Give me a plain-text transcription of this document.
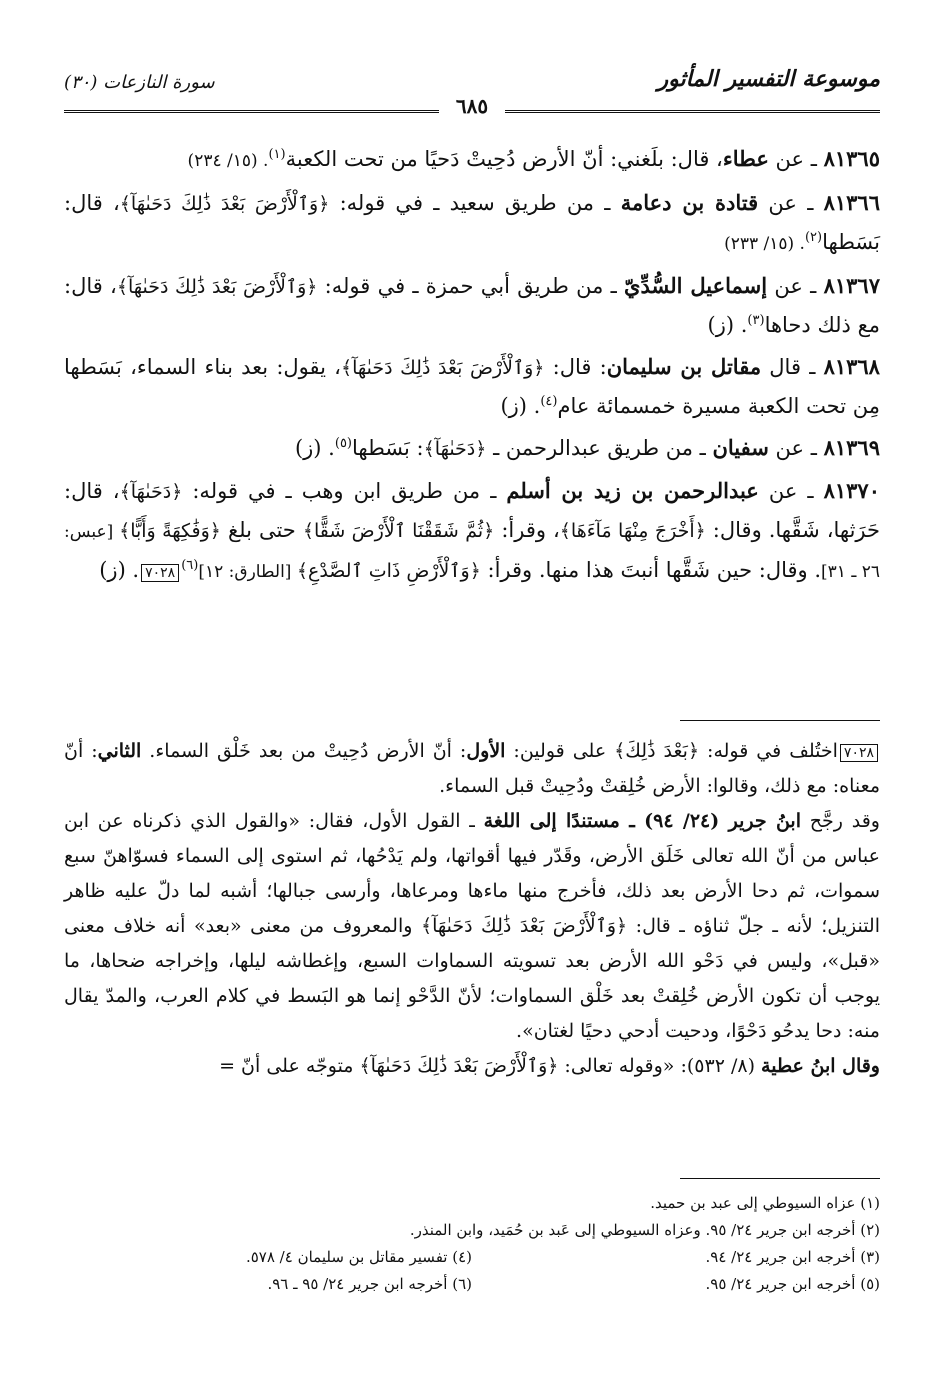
موسوعة التفسير المأثور
سورة النازعات (٣٠)
٦٨٥

٨١٣٦٥ ـ عن عطاء، قال: بلَغني: أنّ الأرض دُحِيتْ دَحيًا من تحت الكعبة$^{(١)}$. (١٥/ ٢٣٤)

٨١٣٦٦ ـ عن قتادة بن دعامة ـ من طريق سعيد ـ في قوله: ﴿وَٱلْأَرْضَ بَعْدَ ذَٰلِكَ دَحَىٰهَآ﴾، قال: بَسَطها$^{(٢)}$. (١٥/ ٢٣٣)

٨١٣٦٧ ـ عن إسماعيل السُّدِّيّ ـ من طريق أبي حمزة ـ في قوله: ﴿وَٱلْأَرْضَ بَعْدَ ذَٰلِكَ دَحَىٰهَآ﴾، قال: مع ذلك دحاها$^{(٣)}$. (ز)

٨١٣٦٨ ـ قال مقاتل بن سليمان: قال: ﴿وَٱلْأَرْضَ بَعْدَ ذَٰلِكَ دَحَىٰهَآ﴾، يقول: بعد بناء السماء، بَسَطها مِن تحت الكعبة مسيرة خمسمائة عام$^{(٤)}$. (ز)

٨١٣٦٩ ـ عن سفيان ـ من طريق عبدالرحمن ـ ﴿دَحَىٰهَآ﴾: بَسَطها$^{(٥)}$. (ز)

٨١٣٧٠ ـ عن عبدالرحمن بن زيد بن أسلم ـ من طريق ابن وهب ـ في قوله: ﴿دَحَىٰهَآ﴾، قال: حَرَثها، شَقَّها. وقال: ﴿أَخْرَجَ مِنْهَا مَآءَهَا﴾، وقرأ: ﴿ثُمَّ شَقَقْنَا ٱلْأَرْضَ شَقًّا﴾ حتى بلغ ﴿وَفَٰكِهَةً وَأَبًّا﴾ [عبس: ٢٦ ـ ٣١]. وقال: حين شَقَّها أنبتَ هذا منها. وقرأ: ﴿وَٱلْأَرْضِ ذَاتِ ٱلصَّدْعِ﴾ [الطارق: ١٢]$^{(٦)}$٧٠٢٨. (ز)

٧٠٢٨اختُلف في قوله: ﴿بَعْدَ ذَٰلِكَ﴾ على قولين: الأول: أنّ الأرض دُحِيتْ من بعد خَلْق السماء. الثاني: أنّ معناه: مع ذلك، وقالوا: الأرض خُلِقتْ ودُحِيتْ قبل السماء.

وقد رجَّح ابنُ جرير (٢٤/ ٩٤) ـ مستندًا إلى اللغة ـ القول الأول، فقال: «والقول الذي ذكرناه عن ابن عباس من أنّ الله تعالى خَلَق الأرض، وقَدّر فيها أقواتها، ولم يَدْحُها، ثم استوى إلى السماء فسوّاهنّ سبع سموات، ثم دحا الأرض بعد ذلك، فأخرج منها ماءها ومرعاها، وأرسى جبالها؛ أشبه لما دلّ عليه ظاهر التنزيل؛ لأنه ـ جلّ ثناؤه ـ قال: ﴿وَٱلْأَرْضَ بَعْدَ ذَٰلِكَ دَحَىٰهَآ﴾ والمعروف من معنى «بعد» أنه خلاف معنى «قبل»، وليس في دَحْو الله الأرض بعد تسويته السماوات السبع، وإغطاشه ليلها، وإخراجه ضحاها، ما يوجب أن تكون الأرض خُلِقتْ بعد خَلْق السماوات؛ لأنّ الدَّحْو إنما هو البَسط في كلام العرب، والمدّ يقال منه: دحا يدحُو دَحْوًا، ودحيت أدحي دحيًا لغتان».

وقال ابنُ عطية (٨/ ٥٣٢): «وقوله تعالى: ﴿وَٱلْأَرْضَ بَعْدَ ذَٰلِكَ دَحَىٰهَآ﴾ متوجّه على أنّ =

(١) عزاه السيوطي إلى عبد بن حميد.
(٢) أخرجه ابن جرير ٢٤/ ٩٥. وعزاه السيوطي إلى عَبد بن حُمَيد، وابن المنذر.
(٣) أخرجه ابن جرير ٢٤/ ٩٤.
(٤) تفسير مقاتل بن سليمان ٤/ ٥٧٨.
(٥) أخرجه ابن جرير ٢٤/ ٩٥.
(٦) أخرجه ابن جرير ٢٤/ ٩٥ ـ ٩٦.
